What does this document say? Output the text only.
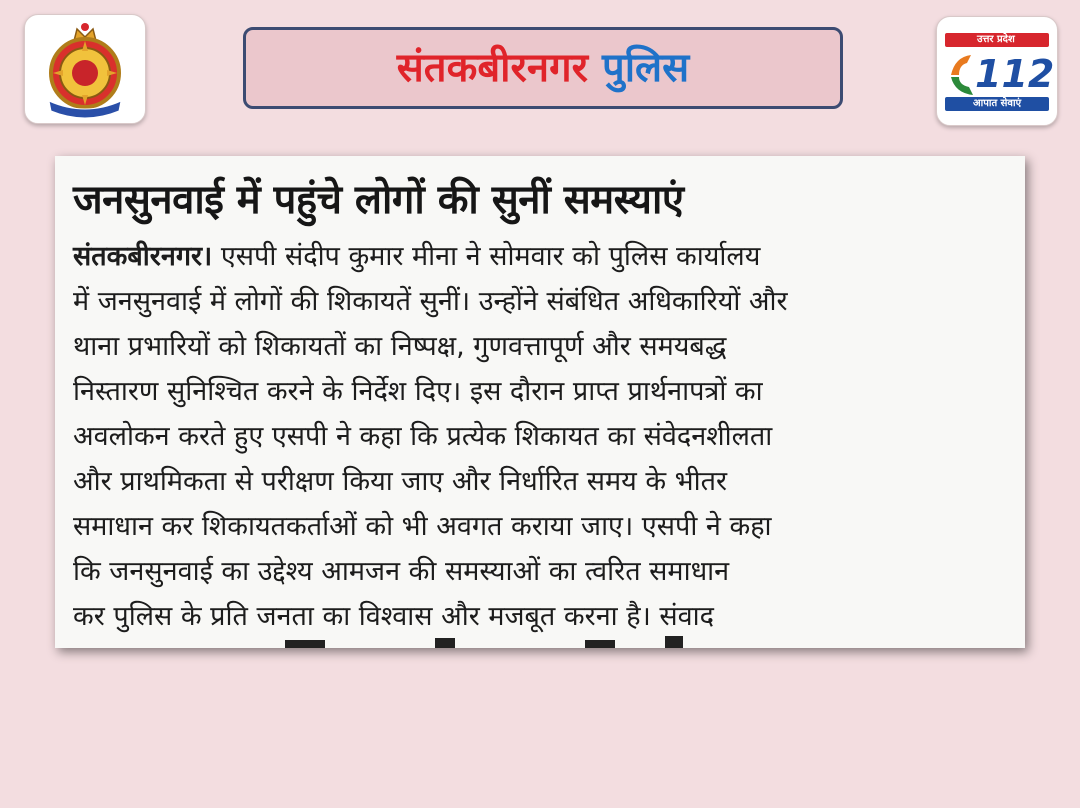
संतकबीरनगर पुलिस
उत्तर प्रदेश
112
आपात सेवाएं
जनसुनवाई में पहुंचे लोगों की सुनीं समस्याएं
संतकबीरनगर। एसपी संदीप कुमार मीना ने सोमवार को पुलिस कार्यालय
में जनसुनवाई में लोगों की शिकायतें सुनीं। उन्होंने संबंधित अधिकारियों और
थाना प्रभारियों को शिकायतों का निष्पक्ष, गुणवत्तापूर्ण और समयबद्ध
निस्तारण सुनिश्चित करने के निर्देश दिए। इस दौरान प्राप्त प्रार्थनापत्रों का
अवलोकन करते हुए एसपी ने कहा कि प्रत्येक शिकायत का संवेदनशीलता
और प्राथमिकता से परीक्षण किया जाए और निर्धारित समय के भीतर
समाधान कर शिकायतकर्ताओं को भी अवगत कराया जाए। एसपी ने कहा
कि जनसुनवाई का उद्देश्य आमजन की समस्याओं का त्वरित समाधान
कर पुलिस के प्रति जनता का विश्वास और मजबूत करना है। संवाद
